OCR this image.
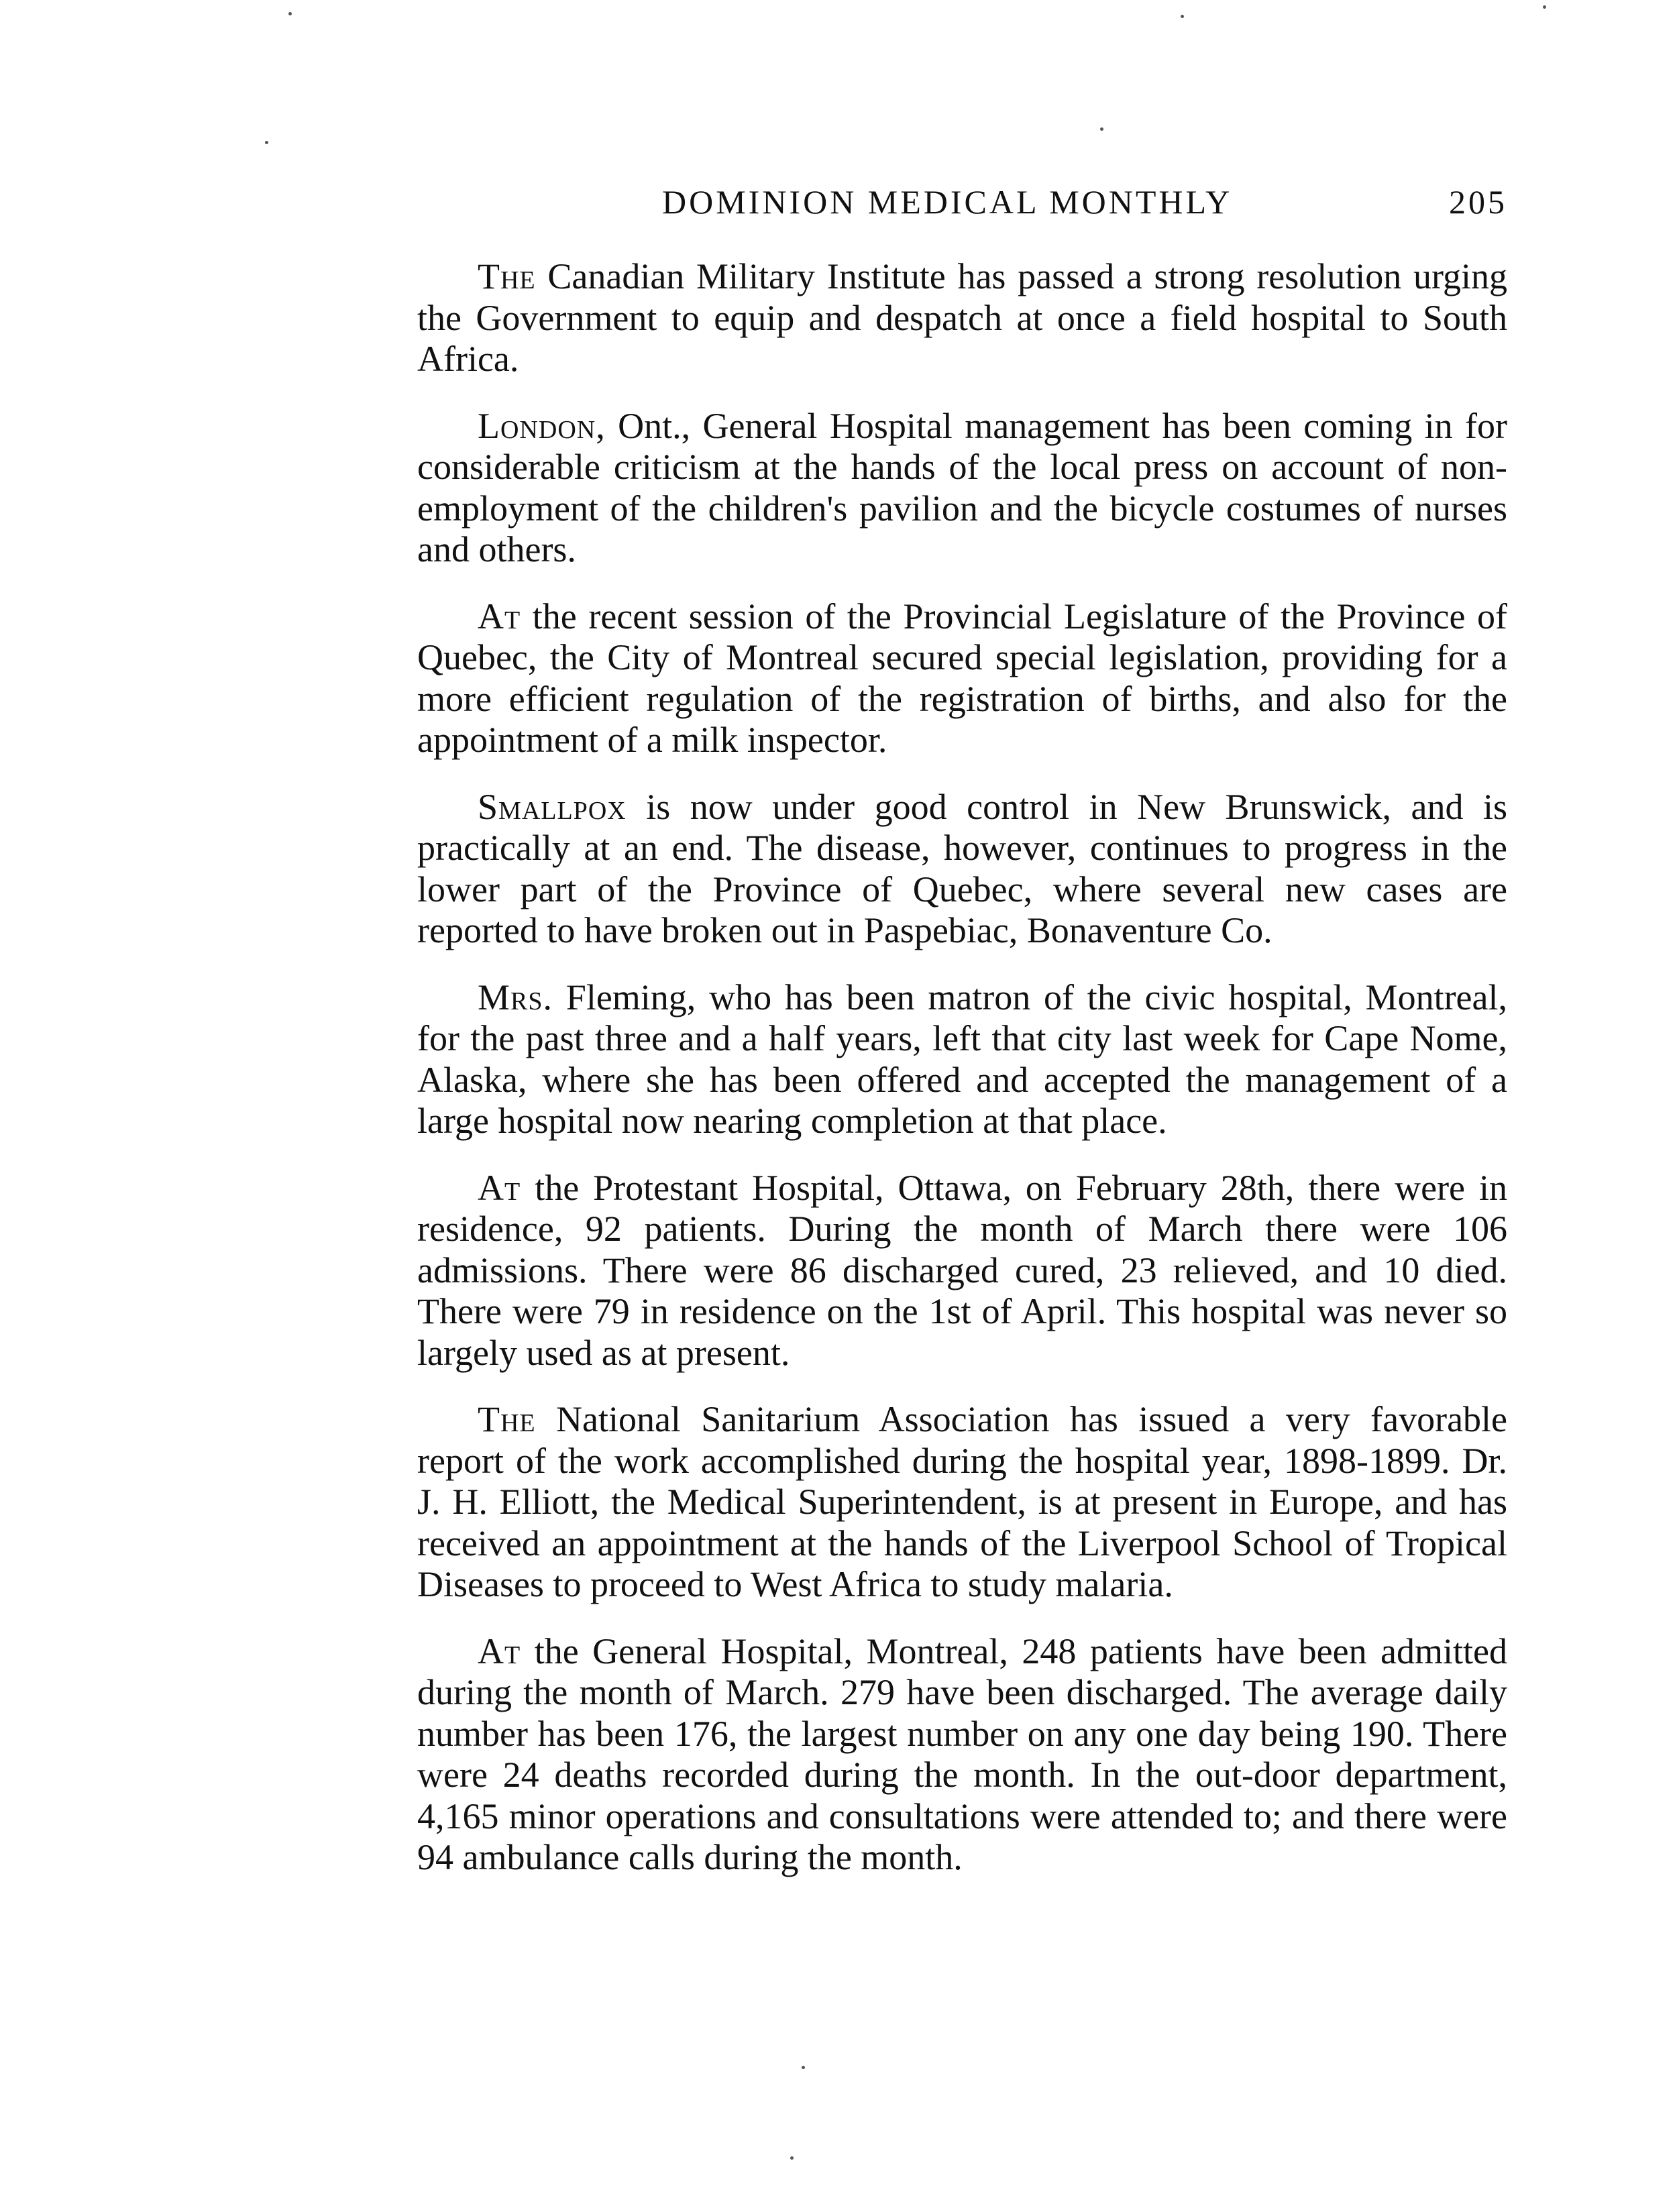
DOMINION MEDICAL MONTHLY	205

The Canadian Military Institute has passed a strong resolution urging the Government to equip and despatch at once a field hospital to South Africa.

London, Ont., General Hospital management has been coming in for considerable criticism at the hands of the local press on account of non-employment of the children's pavilion and the bicycle costumes of nurses and others.

At the recent session of the Provincial Legislature of the Province of Quebec, the City of Montreal secured special legislation, providing for a more efficient regulation of the registration of births, and also for the appointment of a milk inspector.

Smallpox is now under good control in New Brunswick, and is practically at an end. The disease, however, continues to progress in the lower part of the Province of Quebec, where several new cases are reported to have broken out in Paspebiac, Bonaventure Co.

Mrs. Fleming, who has been matron of the civic hospital, Montreal, for the past three and a half years, left that city last week for Cape Nome, Alaska, where she has been offered and accepted the management of a large hospital now nearing completion at that place.

At the Protestant Hospital, Ottawa, on February 28th, there were in residence, 92 patients. During the month of March there were 106 admissions. There were 86 discharged cured, 23 relieved, and 10 died. There were 79 in residence on the 1st of April. This hospital was never so largely used as at present.

The National Sanitarium Association has issued a very favorable report of the work accomplished during the hospital year, 1898-1899. Dr. J. H. Elliott, the Medical Superintendent, is at present in Europe, and has received an appointment at the hands of the Liverpool School of Tropical Diseases to proceed to West Africa to study malaria.

At the General Hospital, Montreal, 248 patients have been admitted during the month of March. 279 have been discharged. The average daily number has been 176, the largest number on any one day being 190. There were 24 deaths recorded during the month. In the out-door department, 4,165 minor operations and consultations were attended to; and there were 94 ambulance calls during the month.
